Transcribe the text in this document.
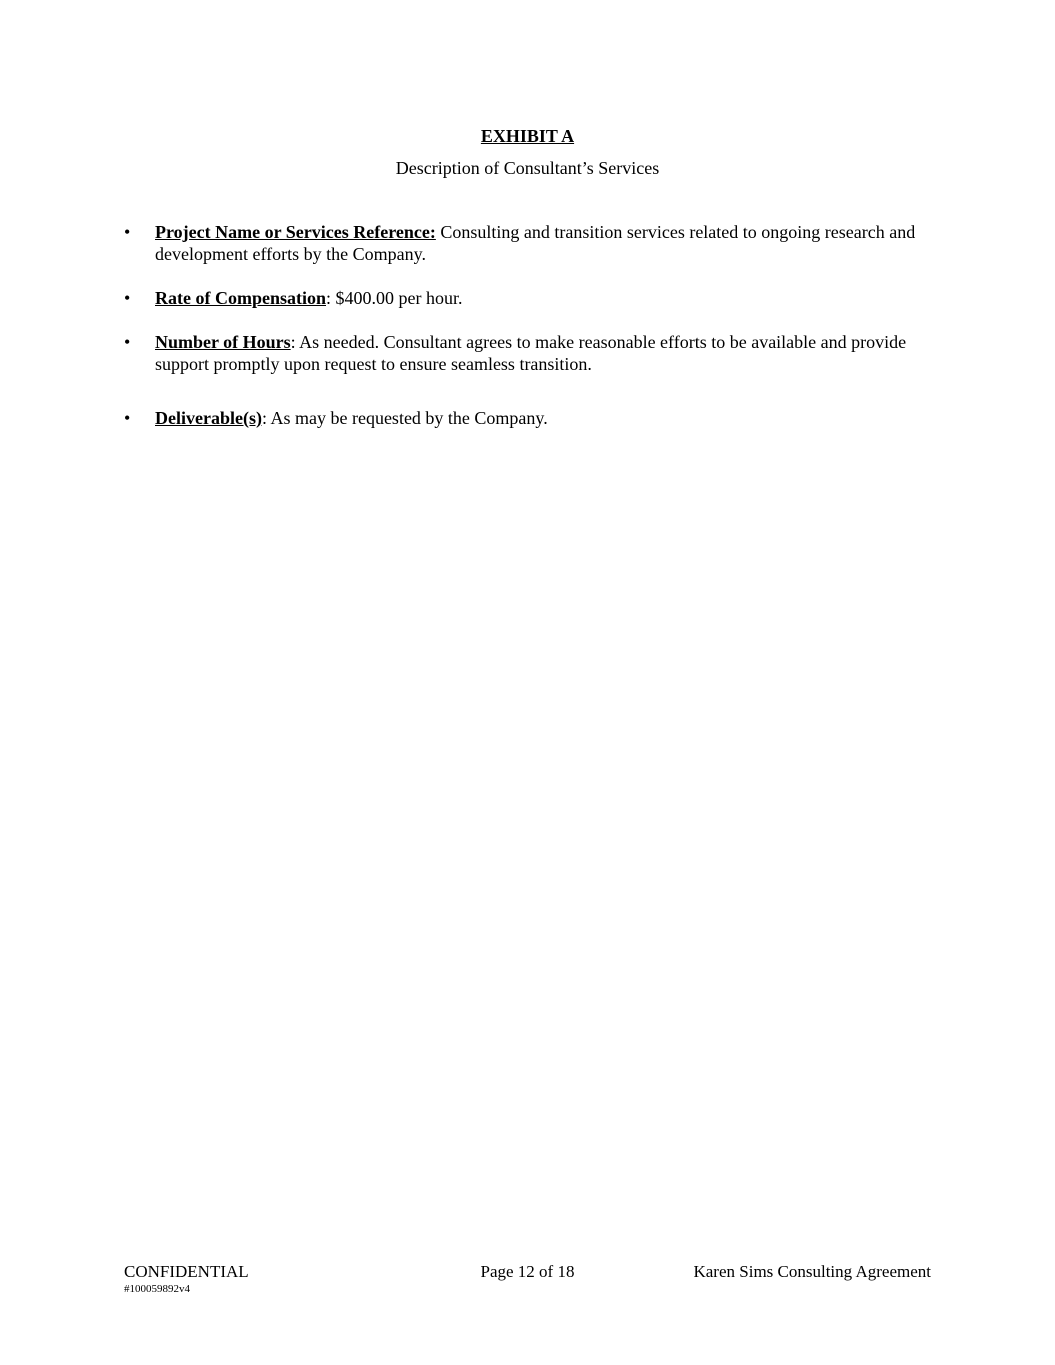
EXHIBIT A
Description of Consultant’s Services
• Project Name or Services Reference: Consulting and transition services related to ongoing research and development efforts by the Company.
• Rate of Compensation: $400.00 per hour.
• Number of Hours: As needed. Consultant agrees to make reasonable efforts to be available and provide support promptly upon request to ensure seamless transition.
• Deliverable(s): As may be requested by the Company.
CONFIDENTIAL
#100059892v4
Page 12 of 18	Karen Sims Consulting Agreement
